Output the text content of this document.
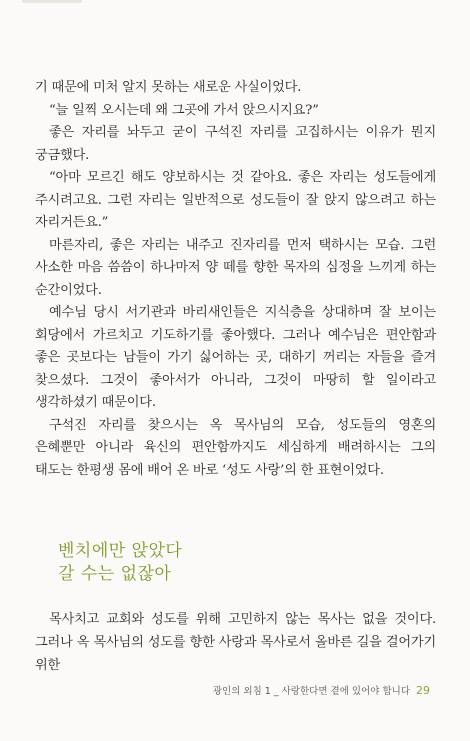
기 때문에 미처 알지 못하는 새로운 사실이었다.

“늘 일찍 오시는데 왜 그곳에 가서 앉으시지요?”

좋은 자리를 놔두고 굳이 구석진 자리를 고집하시는 이유가 뭔지 궁금했다.

“아마 모르긴 해도 양보하시는 것 같아요. 좋은 자리는 성도들에게 주시려고요. 그런 자리는 일반적으로 성도들이 잘 앉지 않으려고 하는 자리거든요.”

마른자리, 좋은 자리는 내주고 진자리를 먼저 택하시는 모습. 그런 사소한 마음 씀씀이 하나마저 양 떼를 향한 목자의 심정을 느끼게 하는 순간이었다.

예수님 당시 서기관과 바리새인들은 지식층을 상대하며 잘 보이는 회당에서 가르치고 기도하기를 좋아했다. 그러나 예수님은 편안함과 좋은 곳보다는 남들이 가기 싫어하는 곳, 대하기 꺼리는 자들을 즐겨 찾으셨다. 그것이 좋아서가 아니라, 그것이 마땅히 할 일이라고 생각하셨기 때문이다.

구석진 자리를 찾으시는 옥 목사님의 모습, 성도들의 영혼의 은혜뿐만 아니라 육신의 편안함까지도 세심하게 배려하시는 그의 태도는 한평생 몸에 배어 온 바로 ‘성도 사랑’의 한 표현이었다.

벤치에만 앉았다
갈 수는 없잖아

목사치고 교회와 성도를 위해 고민하지 않는 목사는 없을 것이다. 그러나 옥 목사님의 성도를 향한 사랑과 목사로서 올바른 길을 걸어가기 위한

광인의 외침 1 _ 사랑한다면 곁에 있어야 합니다 29
